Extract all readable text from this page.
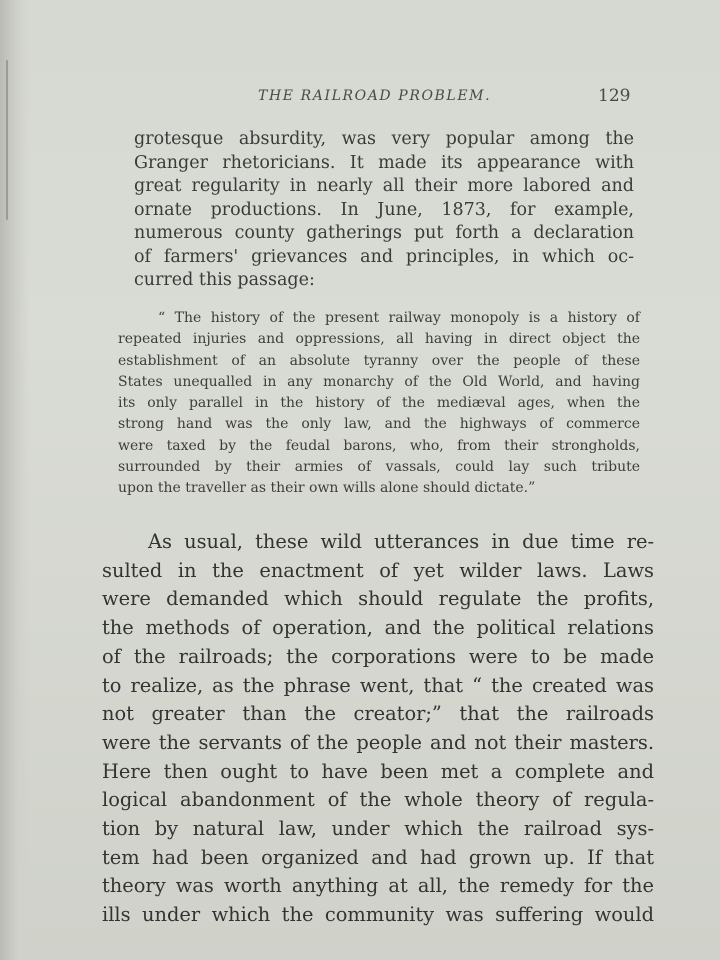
THE RAILROAD PROBLEM.	129
grotesque absurdity, was very popular among the
Granger rhetoricians. It made its appearance with
great regularity in nearly all their more labored and
ornate productions. In June, 1873, for example,
numerous county gatherings put forth a declaration
of farmers' grievances and principles, in which oc-
curred this passage:
“ The history of the present railway monopoly is a history of
repeated injuries and oppressions, all having in direct object the
establishment of an absolute tyranny over the people of these
States unequalled in any monarchy of the Old World, and having
its only parallel in the history of the mediæval ages, when the
strong hand was the only law, and the highways of commerce
were taxed by the feudal barons, who, from their strongholds,
surrounded by their armies of vassals, could lay such tribute
upon the traveller as their own wills alone should dictate.”
As usual, these wild utterances in due time re-
sulted in the enactment of yet wilder laws. Laws
were demanded which should regulate the profits,
the methods of operation, and the political relations
of the railroads; the corporations were to be made
to realize, as the phrase went, that “ the created was
not greater than the creator;” that the railroads
were the servants of the people and not their masters.
Here then ought to have been met a complete and
logical abandonment of the whole theory of regula-
tion by natural law, under which the railroad sys-
tem had been organized and had grown up. If that
theory was worth anything at all, the remedy for the
ills under which the community was suffering would
